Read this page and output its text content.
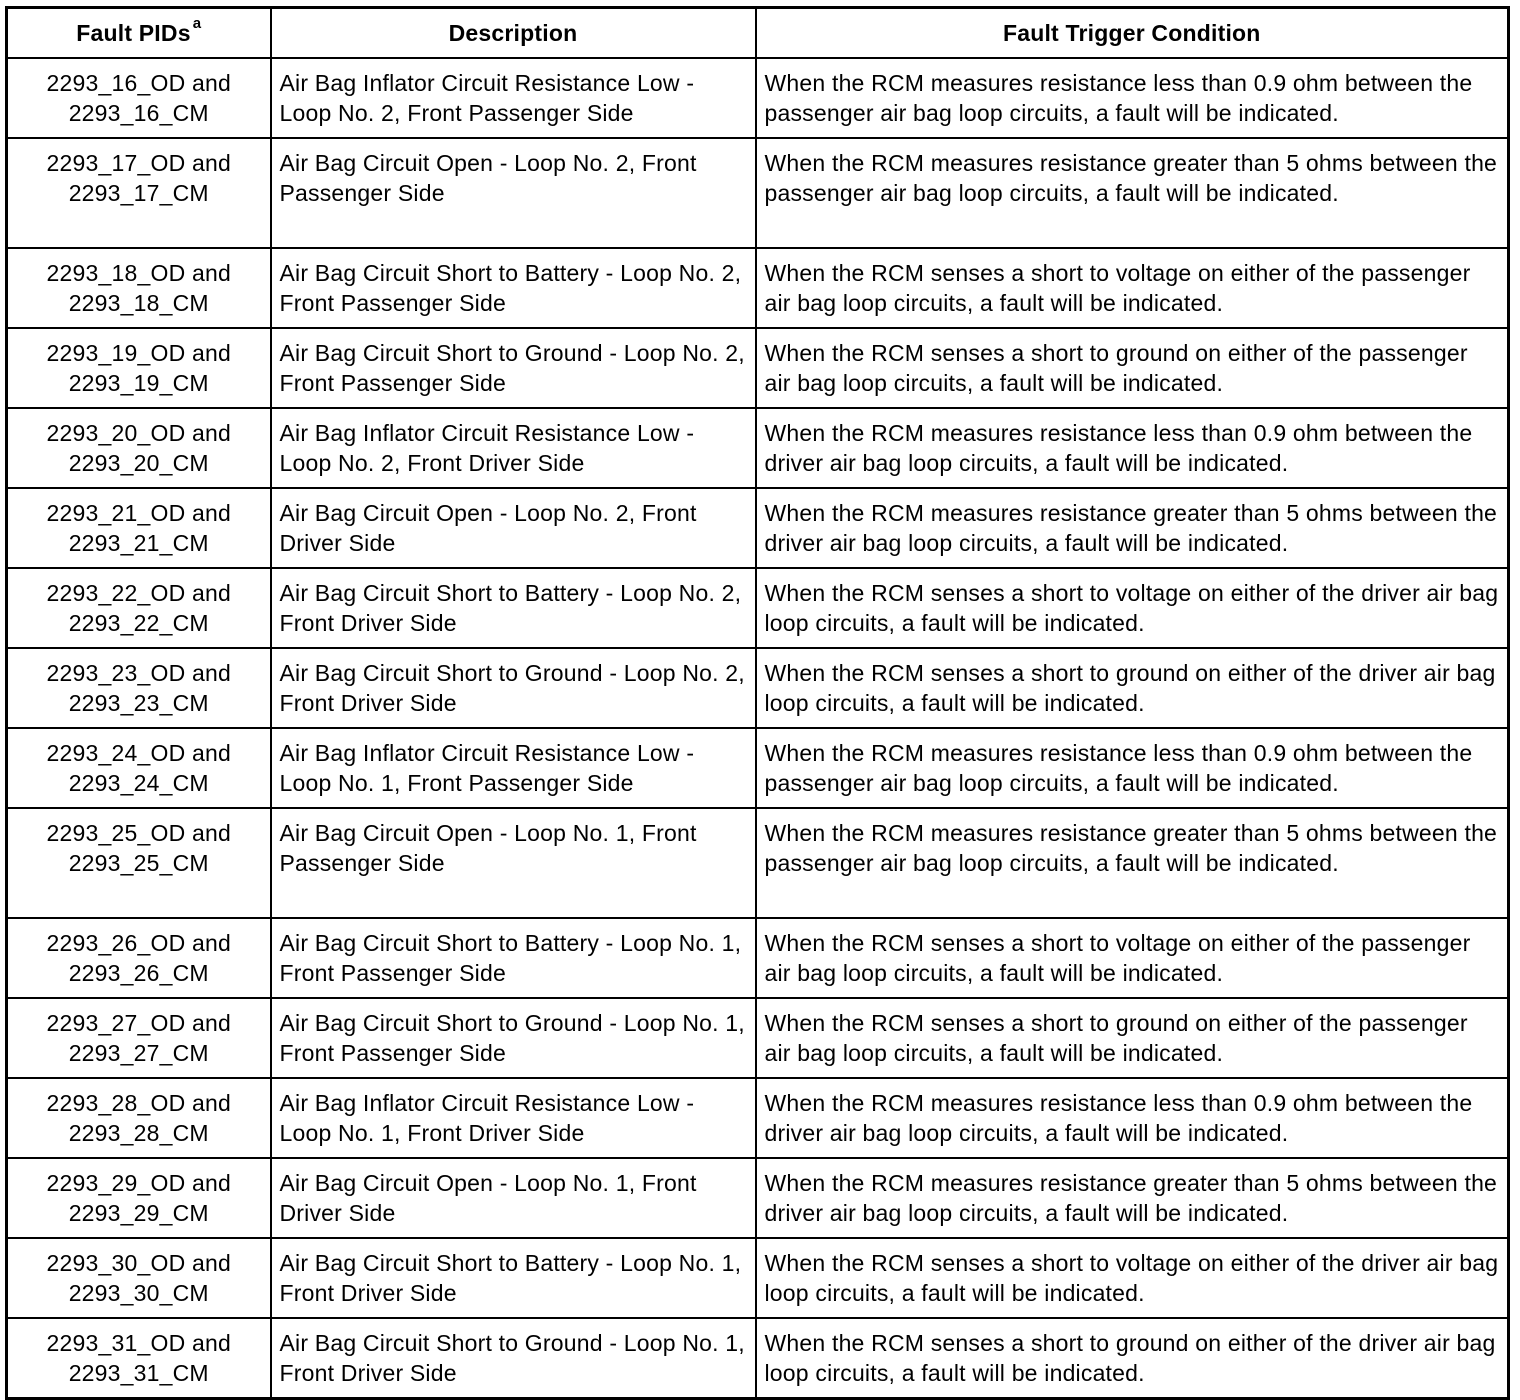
Fault PIDs $^a$	Description	Fault Trigger Condition
2293_16_OD and
2293_16_CM	Air Bag Inflator Circuit Resistance Low - Loop No. 2, Front Passenger Side	When the RCM measures resistance less than 0.9 ohm between the passenger air bag loop circuits, a fault will be indicated.
2293_17_OD and
2293_17_CM	Air Bag Circuit Open - Loop No. 2, Front Passenger Side	When the RCM measures resistance greater than 5 ohms between the passenger air bag loop circuits, a fault will be indicated.
2293_18_OD and
2293_18_CM	Air Bag Circuit Short to Battery - Loop No. 2, Front Passenger Side	When the RCM senses a short to voltage on either of the passenger air bag loop circuits, a fault will be indicated.
2293_19_OD and
2293_19_CM	Air Bag Circuit Short to Ground - Loop No. 2, Front Passenger Side	When the RCM senses a short to ground on either of the passenger air bag loop circuits, a fault will be indicated.
2293_20_OD and
2293_20_CM	Air Bag Inflator Circuit Resistance Low - Loop No. 2, Front Driver Side	When the RCM measures resistance less than 0.9 ohm between the driver air bag loop circuits, a fault will be indicated.
2293_21_OD and
2293_21_CM	Air Bag Circuit Open - Loop No. 2, Front Driver Side	When the RCM measures resistance greater than 5 ohms between the driver air bag loop circuits, a fault will be indicated.
2293_22_OD and
2293_22_CM	Air Bag Circuit Short to Battery - Loop No. 2, Front Driver Side	When the RCM senses a short to voltage on either of the driver air bag loop circuits, a fault will be indicated.
2293_23_OD and
2293_23_CM	Air Bag Circuit Short to Ground - Loop No. 2, Front Driver Side	When the RCM senses a short to ground on either of the driver air bag loop circuits, a fault will be indicated.
2293_24_OD and
2293_24_CM	Air Bag Inflator Circuit Resistance Low - Loop No. 1, Front Passenger Side	When the RCM measures resistance less than 0.9 ohm between the passenger air bag loop circuits, a fault will be indicated.
2293_25_OD and
2293_25_CM	Air Bag Circuit Open - Loop No. 1, Front Passenger Side	When the RCM measures resistance greater than 5 ohms between the passenger air bag loop circuits, a fault will be indicated.
2293_26_OD and
2293_26_CM	Air Bag Circuit Short to Battery - Loop No. 1, Front Passenger Side	When the RCM senses a short to voltage on either of the passenger air bag loop circuits, a fault will be indicated.
2293_27_OD and
2293_27_CM	Air Bag Circuit Short to Ground - Loop No. 1, Front Passenger Side	When the RCM senses a short to ground on either of the passenger air bag loop circuits, a fault will be indicated.
2293_28_OD and
2293_28_CM	Air Bag Inflator Circuit Resistance Low - Loop No. 1, Front Driver Side	When the RCM measures resistance less than 0.9 ohm between the driver air bag loop circuits, a fault will be indicated.
2293_29_OD and
2293_29_CM	Air Bag Circuit Open - Loop No. 1, Front Driver Side	When the RCM measures resistance greater than 5 ohms between the driver air bag loop circuits, a fault will be indicated.
2293_30_OD and
2293_30_CM	Air Bag Circuit Short to Battery - Loop No. 1, Front Driver Side	When the RCM senses a short to voltage on either of the driver air bag loop circuits, a fault will be indicated.
2293_31_OD and
2293_31_CM	Air Bag Circuit Short to Ground - Loop No. 1, Front Driver Side	When the RCM senses a short to ground on either of the driver air bag loop circuits, a fault will be indicated.
